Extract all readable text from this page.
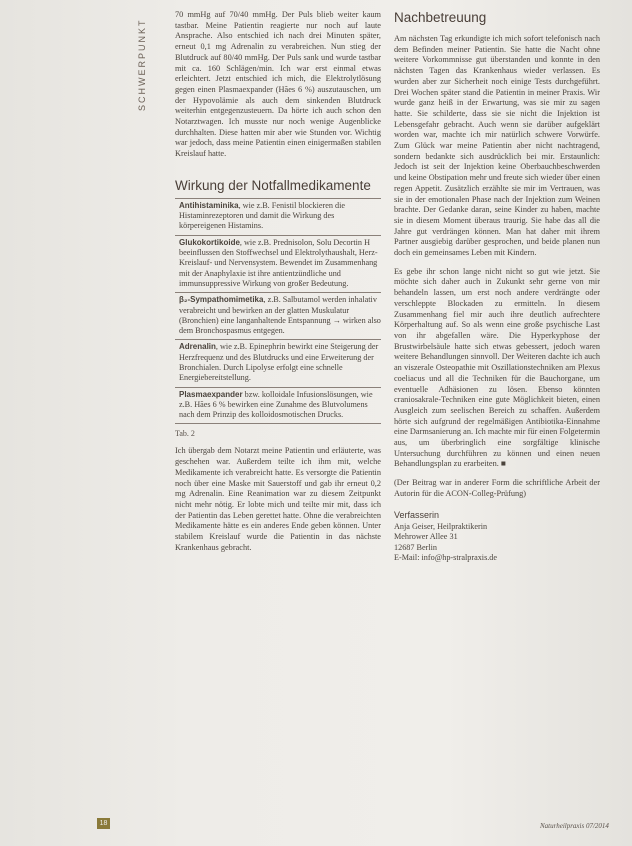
SCHWERPUNKT

70 mmHg auf 70/40 mmHg. Der Puls blieb weiter kaum tastbar. Meine Patientin reagierte nur noch auf laute Ansprache. Also entschied ich nach drei Minuten später, erneut 0,1 mg Adrenalin zu verabreichen. Nun stieg der Blutdruck auf 80/40 mmHg. Der Puls sank und wurde tastbar mit ca. 160 Schlägen/min. Ich war erst einmal etwas erleichtert. Jetzt entschied ich mich, die Elektrolytlösung gegen einen Plasmaexpander (Hães 6 %) auszutauschen, um der Hypovolämie als auch dem sinkenden Blutdruck weiterhin entgegenzusteuern. Da hörte ich auch schon den Notarztwagen. Ich musste nur noch wenige Augenblicke durchhalten. Diese hatten mir aber wie Stunden vor. Wichtig war jedoch, dass meine Patientin einen einigermaßen stabilen Kreislauf hatte.

Wirkung der Notfallmedikamente
Antihistaminika, wie z.B. Fenistil blockieren die Histaminrezeptoren und damit die Wirkung des körpereigenen Histamins.
Glukokortikoide, wie z.B. Prednisolon, Solu Decortin H beeinflussen den Stoffwechsel und Elektrolythaushalt, Herz-Kreislauf- und Nervensystem. Bewendet im Zusammenhang mit der Anaphylaxie ist ihre antientzündliche und immunsuppressive Wirkung von großer Bedeutung.
β₂-Sympathomimetika, z.B. Salbutamol werden inhalativ verabreicht und bewirken an der glatten Muskulatur (Bronchien) eine langanhaltende Entspannung → wirken also dem Bronchospasmus entgegen.
Adrenalin, wie z.B. Epinephrin bewirkt eine Steigerung der Herzfrequenz und des Blutdrucks und eine Erweiterung der Bronchialen. Durch Lipolyse erfolgt eine schnelle Energiebereitstellung.
Plasmaexpander bzw. kolloidale Infusionslösungen, wie z.B. Hães 6 % bewirken eine Zunahme des Blutvolumens nach dem Prinzip des kolloidosmotischen Drucks.
Tab. 2

Ich übergab dem Notarzt meine Patientin und erläuterte, was geschehen war. Außerdem teilte ich ihm mit, welche Medikamente ich verabreicht hatte. Es versorgte die Patientin noch über eine Maske mit Sauerstoff und gab ihr erneut 0,2 mg Adrenalin. Eine Reanimation war zu diesem Zeitpunkt nicht mehr nötig. Er lobte mich und teilte mir mit, dass ich der Patientin das Leben gerettet hatte. Ohne die verabreichten Medikamente hätte es ein anderes Ende geben können. Unter stabilem Kreislauf wurde die Patientin in das nächste Krankenhaus gebracht.

Nachbetreuung

Am nächsten Tag erkundigte ich mich sofort telefonisch nach dem Befinden meiner Patientin. Sie hatte die Nacht ohne weitere Vorkommnisse gut überstanden und konnte in den nächsten Tagen das Krankenhaus wieder verlassen. Es wurden aber zur Sicherheit noch einige Tests durchgeführt. Drei Wochen später stand die Patientin in meiner Praxis. Wir wurde ganz heiß in der Erwartung, was sie mir zu sagen hatte. Sie schilderte, dass sie sie nicht die Injektion ist Lebensgefahr gebracht. Auch wenn sie darüber aufgeklärt worden war, machte ich mir natürlich schwere Vorwürfe. Zum Glück war meine Patientin aber nicht nachtragend, sondern bedankte sich ausdrücklich bei mir. Erstaunlich: Jedoch ist seit der Injektion keine Oberbauchbeschwerden und keine Obstipation mehr und freute sich wieder über einen regen Appetit. Zusätzlich erzählte sie mir im Vertrauen, was sie in der emotionalen Phase nach der Injektion zum Weinen brachte. Der Gedanke daran, seine Kinder zu haben, machte sie in diesem Moment überaus traurig. Sie habe das all die Jahre gut verdrängen können. Man hat daher mit ihrem Partner ausgiebig darüber gesprochen, und beide planen nun doch ein gemeinsames Leben mit Kindern.

Es gebe ihr schon lange nicht nicht so gut wie jetzt. Sie möchte sich daher auch in Zukunkt sehr gerne von mir behandeln lassen, um erst noch andere verdrängte oder verschleppte Blockaden zu ermitteln. In diesem Zusammenhang fiel mir auch ihre deutlich aufrechtere Körperhaltung auf. So als wenn eine große psychische Last von ihr abgefallen wäre. Die Hyperkyphose der Brustwirbelsäule hatte sich etwas gebessert, jedoch waren weitere Behandlungen sinnvoll. Der Weiteren dachte ich auch an viszerale Osteopathie mit Oszillationstechniken am Plexus coeliacus und all die Techniken für die Bauchorgane, um eventuelle Adhäsionen zu lösen. Ebenso könnten craniosakrale-Techniken eine gute Möglichkeit bieten, einen Ausgleich zum seelischen Bereich zu schaffen. Außerdem hörte sich aufgrund der regelmäßigen Antibiotika-Einnahme eine Darmsanierung an. Ich machte mir für einen Folgetermin aus, um überbringlich eine sorgfältige klinische Untersuchung durchführen zu können und einen neuen Behandlungsplan zu erarbeiten. ■

(Der Beitrag war in anderer Form die schriftliche Arbeit der Autorin für die ACON-Colleg-Prüfung)

Verfasserin
Anja Geiser, Heilpraktikerin
Mehrower Allee 31
12687 Berlin
E-Mail: info@hp-stralpraxis.de
18	Naturheilpraxis 07/2014
